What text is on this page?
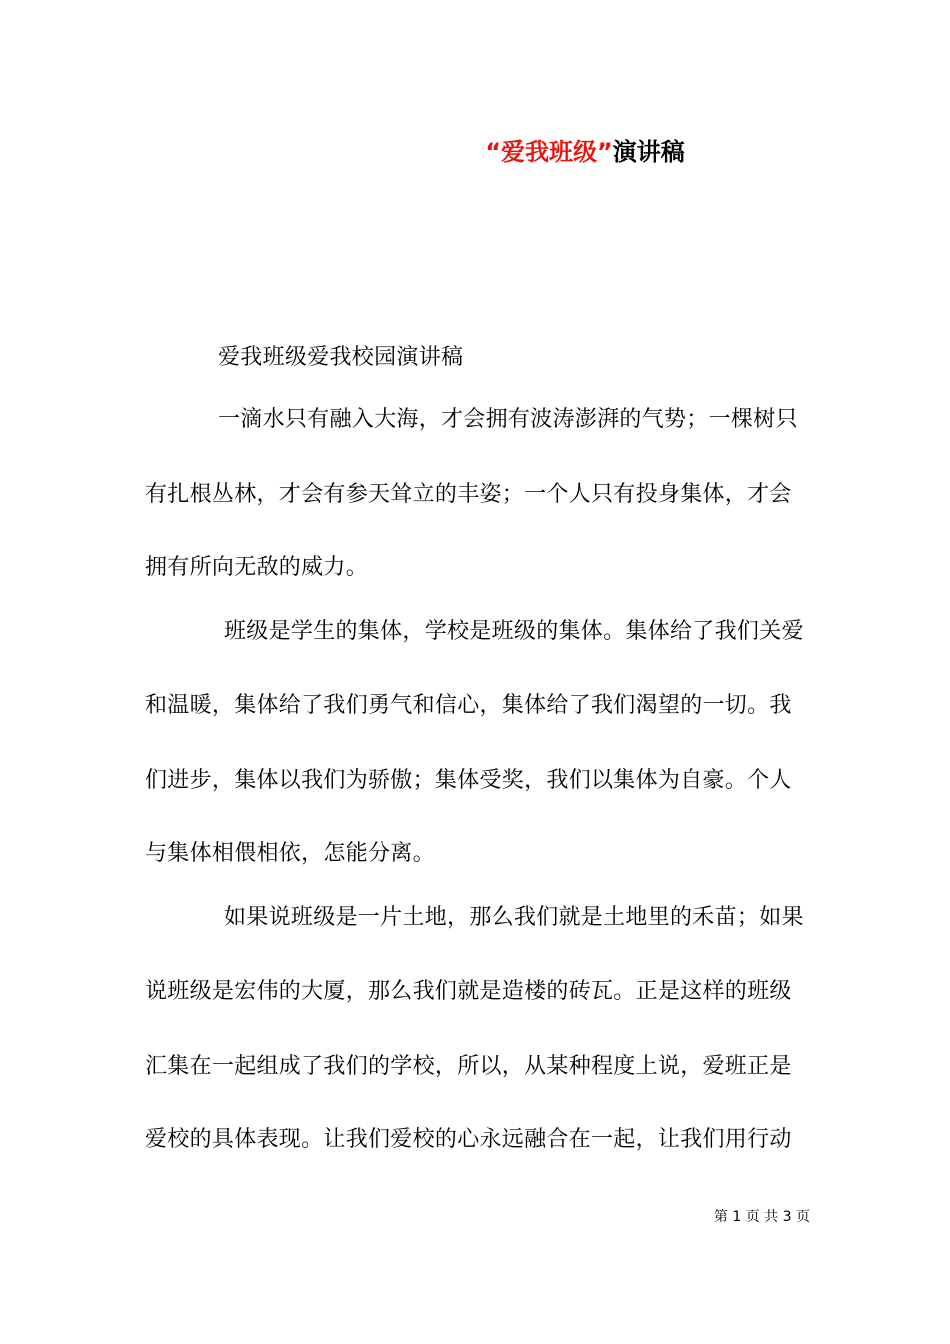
“爱我班级”演讲稿
爱我班级爱我校园演讲稿
一滴水只有融入大海，才会拥有波涛澎湃的气势；一棵树只
有扎根丛林，才会有参天耸立的丰姿；一个人只有投身集体，才会
拥有所向无敌的威力。
班级是学生的集体，学校是班级的集体。集体给了我们关爱
和温暖，集体给了我们勇气和信心，集体给了我们渴望的一切。我
们进步，集体以我们为骄傲；集体受奖，我们以集体为自豪。个人
与集体相偎相依，怎能分离。
如果说班级是一片土地，那么我们就是土地里的禾苗；如果
说班级是宏伟的大厦，那么我们就是造楼的砖瓦。正是这样的班级
汇集在一起组成了我们的学校，所以，从某种程度上说，爱班正是
爱校的具体表现。让我们爱校的心永远融合在一起，让我们用行动
第 1 页 共 3 页
